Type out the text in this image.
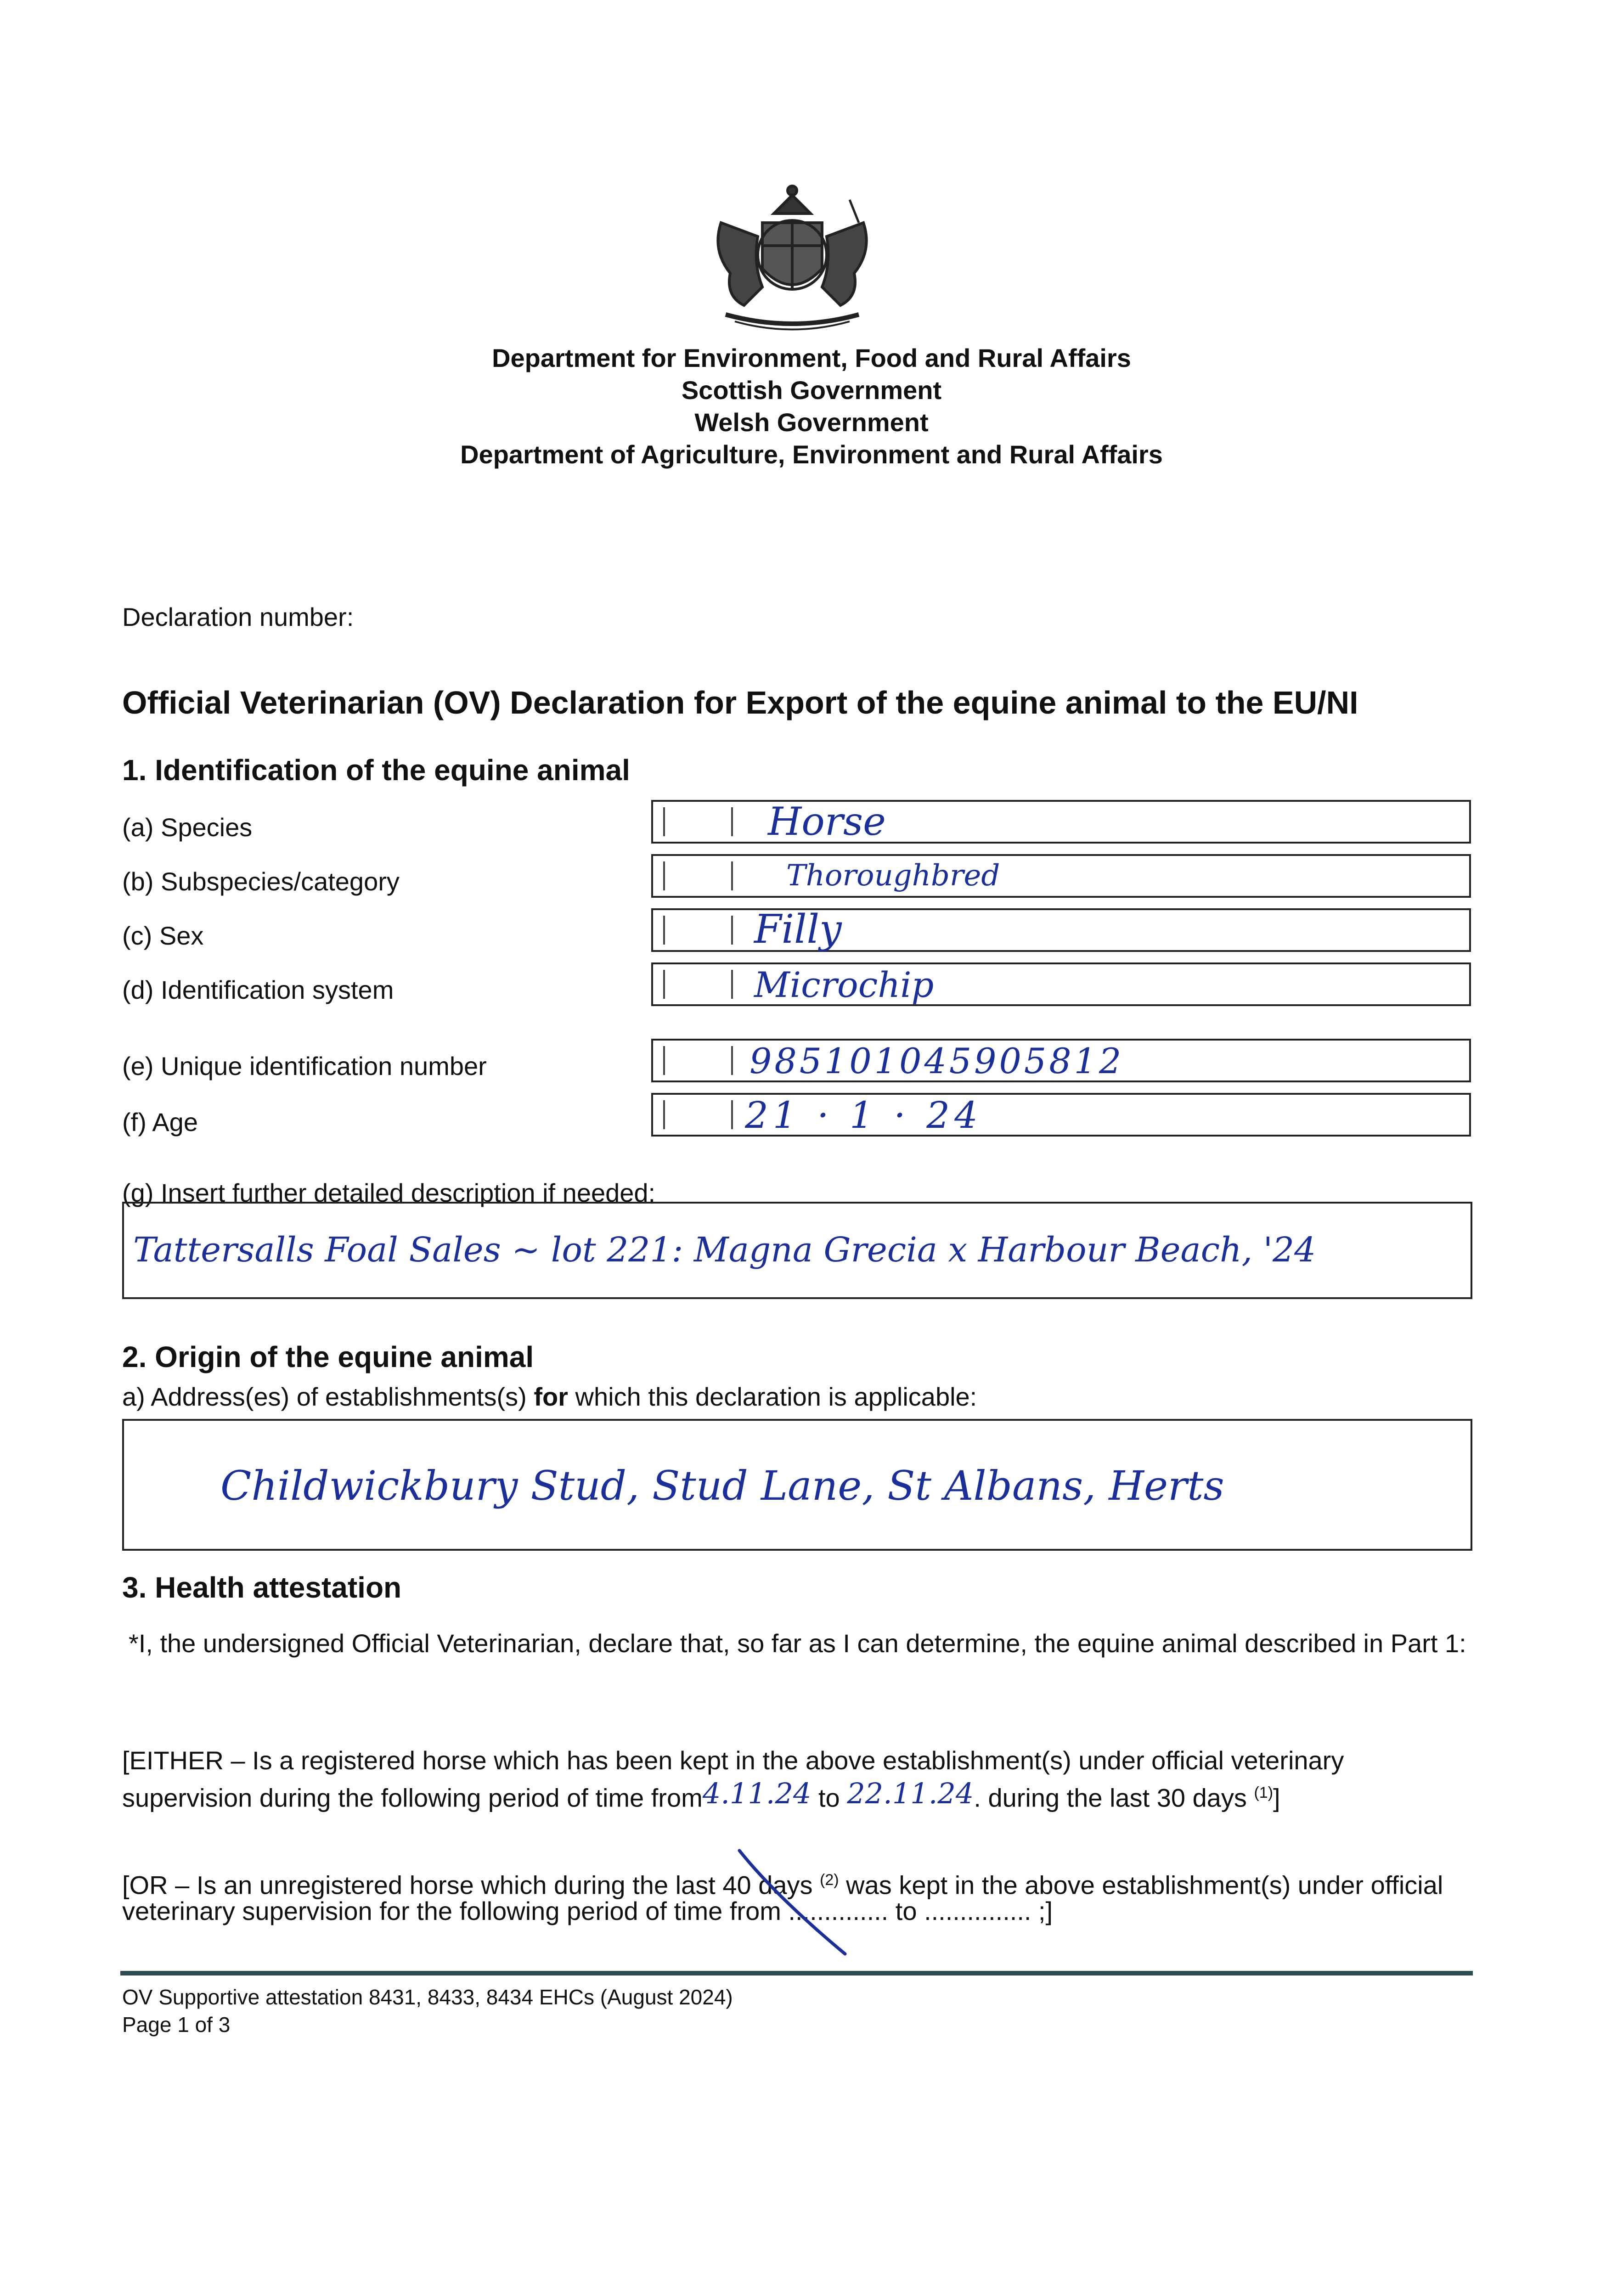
Department for Environment, Food and Rural Affairs
Scottish Government
Welsh Government
Department of Agriculture, Environment and Rural Affairs
Declaration number:
Official Veterinarian (OV) Declaration for Export of the equine animal to the EU/NI
1. Identification of the equine animal
(a) Species	Horse
(b) Subspecies/category	Thoroughbred
(c) Sex	Filly
(d) Identification system	Microchip
(e) Unique identification number	985101045905812
(f) Age	21 · 1 · 24
(g) Insert further detailed description if needed:
Tattersalls Foal Sales ~ lot 221: Magna Grecia x Harbour Beach, '24
2. Origin of the equine animal
a) Address(es) of establishments(s) for which this declaration is applicable:
Childwickbury Stud, Stud Lane, St Albans, Herts
3. Health attestation
*I, the undersigned Official Veterinarian, declare that, so far as I can determine, the equine animal described in Part 1:
[EITHER – Is a registered horse which has been kept in the above establishment(s) under official veterinary
supervision during the following period of time from4.11.24 to 22.11.24. during the last 30 days $^{(1)}$]
[OR – Is an unregistered horse which during the last 40 days $^{(2)}$ was kept in the above establishment(s) under official
veterinary supervision for the following period of time from .............. to ............... ;]
OV Supportive attestation 8431, 8433, 8434 EHCs (August 2024)
Page 1 of 3
